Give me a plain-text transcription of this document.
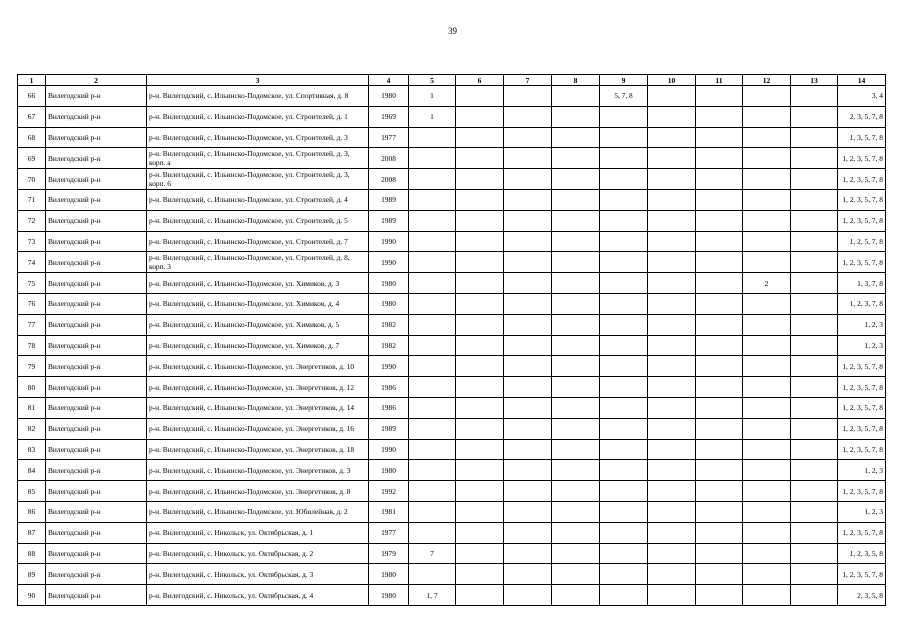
39
1	2	3	4	5	6	7	8	9	10	11	12	13	14
66	Вилегодский р-н	р-н. Вилегодский, с. Ильинско-Подомское, ул. Спортивная, д. 8	1980	1				5, 7, 8					3, 4
67	Вилегодский р-н	р-н. Вилегодский, с. Ильинско-Подомское, ул. Строителей, д. 1	1969	1									2, 3, 5, 7, 8
68	Вилегодский р-н	р-н. Вилегодский, с. Ильинско-Подомское, ул. Строителей, д. 3	1977										1, 3, 5, 7, 8
69	Вилегодский р-н	р-н. Вилегодский, с. Ильинско-Подомское, ул. Строителей, д. 3, корп. а	2008										1, 2, 3, 5, 7, 8
70	Вилегодский р-н	р-н. Вилегодский, с. Ильинско-Подомское, ул. Строителей, д. 3, корп. 6	2008										1, 2, 3, 5, 7, 8
71	Вилегодский р-н	р-н. Вилегодский, с. Ильинско-Подомское, ул. Строителей, д. 4	1989										1, 2, 3, 5, 7, 8
72	Вилегодский р-н	р-н. Вилегодский, с. Ильинско-Подомское, ул. Строителей, д. 5	1989										1, 2, 3, 5, 7, 8
73	Вилегодский р-н	р-н. Вилегодский, с. Ильинско-Подомское, ул. Строителей, д. 7	1990										1, 2, 5, 7, 8
74	Вилегодский р-н	р-н. Вилегодский, с. Ильинско-Подомское, ул. Строителей, д. 8, корп. 3	1990										1, 2, 3, 5, 7, 8
75	Вилегодский р-н	р-н. Вилегодский, с. Ильинско-Подомское, ул. Химиков, д. 3	1980								2		1, 3, 7, 8
76	Вилегодский р-н	р-н. Вилегодский, с. Ильинско-Подомское, ул. Химиков, д. 4	1980										1, 2, 3, 7, 8
77	Вилегодский р-н	р-н. Вилегодский, с. Ильинско-Подомское, ул. Химиков, д. 5	1982										1, 2, 3
78	Вилегодский р-н	р-н. Вилегодский, с. Ильинско-Подомское, ул. Химиков, д. 7	1982										1, 2, 3
79	Вилегодский р-н	р-н. Вилегодский, с. Ильинско-Подомское, ул. Энергетиков, д. 10	1990										1, 2, 3, 5, 7, 8
80	Вилегодский р-н	р-н. Вилегодский, с. Ильинско-Подомское, ул. Энергетиков, д. 12	1986										1, 2, 3, 5, 7, 8
81	Вилегодский р-н	р-н. Вилегодский, с. Ильинско-Подомское, ул. Энергетиков, д. 14	1986										1, 2, 3, 5, 7, 8
82	Вилегодский р-н	р-н. Вилегодский, с. Ильинско-Подомское, ул. Энергетиков, д. 16	1989										1, 2, 3, 5, 7, 8
83	Вилегодский р-н	р-н. Вилегодский, с. Ильинско-Подомское, ул. Энергетиков, д. 18	1990										1, 2, 3, 5, 7, 8
84	Вилегодский р-н	р-н. Вилегодский, с. Ильинско-Подомское, ул. Энергетиков, д. 3	1980										1, 2, 3
85	Вилегодский р-н	р-н. Вилегодский, с. Ильинско-Подомское, ул. Энергетиков, д. 8	1992										1, 2, 3, 5, 7, 8
86	Вилегодский р-н	р-н. Вилегодский, с. Ильинско-Подомское, ул. Юбилейная, д. 2	1981										1, 2, 3
87	Вилегодский р-н	р-н. Вилегодский, с. Никольск, ул. Октябрьская, д. 1	1977										1, 2, 3, 5, 7, 8
88	Вилегодский р-н	р-н. Вилегодский, с. Никольск, ул. Октябрьская, д. 2	1979	7									1, 2, 3, 5, 8
89	Вилегодский р-н	р-н. Вилегодский, с. Никольск, ул. Октябрьская, д. 3	1980										1, 2, 3, 5, 7, 8
90	Вилегодский р-н	р-н. Вилегодский, с. Никольск, ул. Октябрьская, д. 4	1980	1, 7									2, 3, 5, 8
